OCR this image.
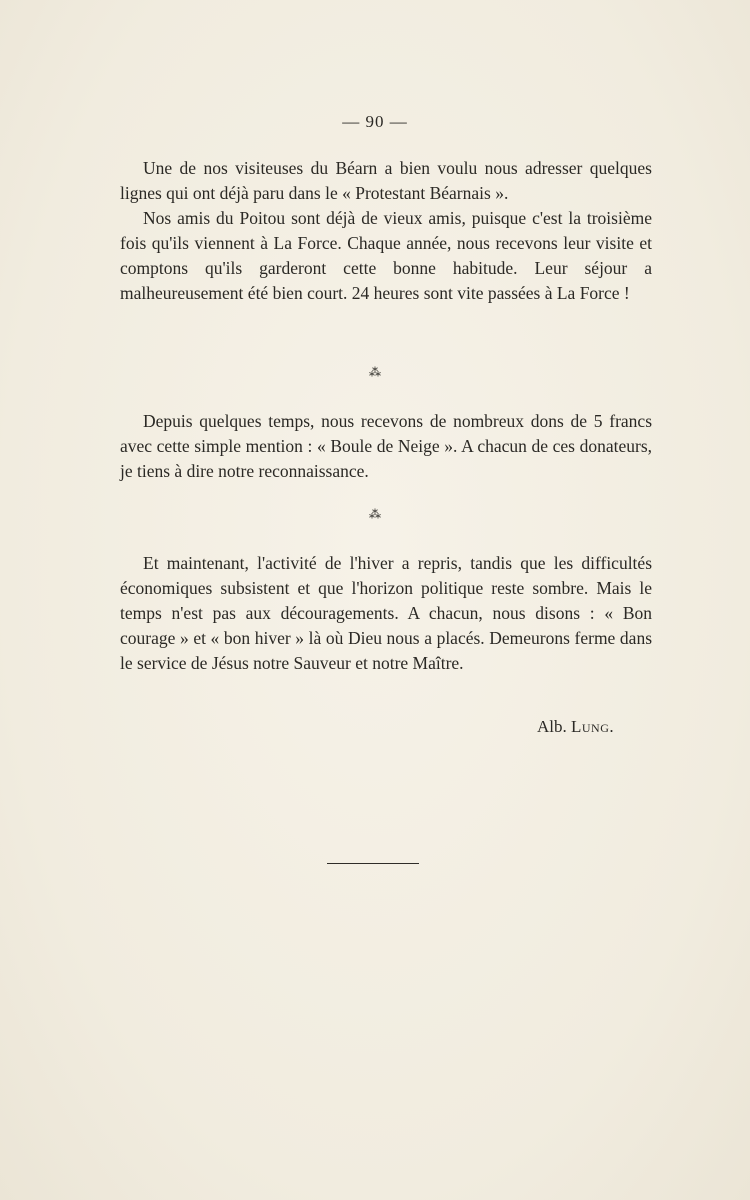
— 90 —

Une de nos visiteuses du Béarn a bien voulu nous adresser quelques lignes qui ont déjà paru dans le « Protestant Béarnais ».

Nos amis du Poitou sont déjà de vieux amis, puisque c'est la troisième fois qu'ils viennent à La Force. Chaque année, nous recevons leur visite et comptons qu'ils garderont cette bonne habitude. Leur séjour a malheureusement été bien court. 24 heures sont vite passées à La Force !

⁂

Depuis quelques temps, nous recevons de nombreux dons de 5 francs avec cette simple mention : « Boule de Neige ». A chacun de ces donateurs, je tiens à dire notre reconnaissance.

⁂

Et maintenant, l'activité de l'hiver a repris, tandis que les difficultés économiques subsistent et que l'horizon politique reste sombre. Mais le temps n'est pas aux découragements. A chacun, nous disons : « Bon courage » et « bon hiver » là où Dieu nous a placés. Demeurons ferme dans le service de Jésus notre Sauveur et notre Maître.

Alb. Lung.
